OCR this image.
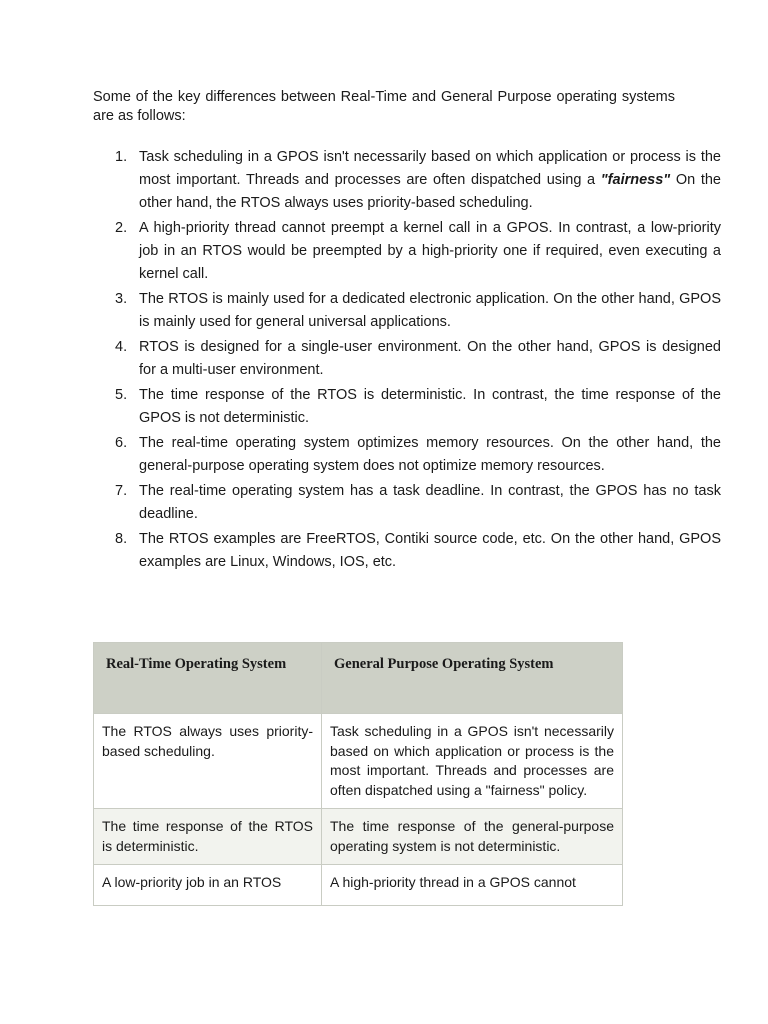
Some of the key differences between Real-Time and General Purpose operating systems are as follows:

Task scheduling in a GPOS isn't necessarily based on which application or process is the most important. Threads and processes are often dispatched using a "fairness" On the other hand, the RTOS always uses priority-based scheduling.
A high-priority thread cannot preempt a kernel call in a GPOS. In contrast, a low-priority job in an RTOS would be preempted by a high-priority one if required, even executing a kernel call.
The RTOS is mainly used for a dedicated electronic application. On the other hand, GPOS is mainly used for general universal applications.
RTOS is designed for a single-user environment. On the other hand, GPOS is designed for a multi-user environment.
The time response of the RTOS is deterministic. In contrast, the time response of the GPOS is not deterministic.
The real-time operating system optimizes memory resources. On the other hand, the general-purpose operating system does not optimize memory resources.
The real-time operating system has a task deadline. In contrast, the GPOS has no task deadline.
The RTOS examples are FreeRTOS, Contiki source code, etc. On the other hand, GPOS examples are Linux, Windows, IOS, etc.
Real-Time Operating System	General Purpose Operating System
The RTOS always uses priority-based scheduling.	Task scheduling in a GPOS isn't necessarily based on which application or process is the most important. Threads and processes are often dispatched using a "fairness" policy.
The time response of the RTOS is deterministic.	The time response of the general-purpose operating system is not deterministic.
A low-priority job in an RTOS	A high-priority thread in a GPOS cannot
